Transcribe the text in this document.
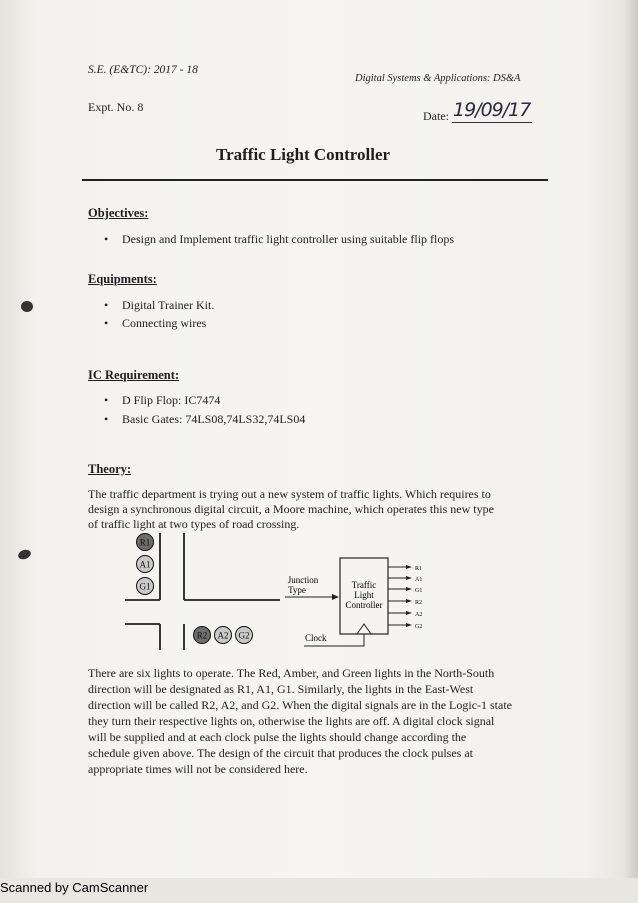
S.E. (E&TC): 2017 - 18
Digital Systems & Applications: DS&A
Expt. No. 8
Date: 19/09/17
Traffic Light Controller
Objectives:
• Design and Implement traffic light controller using suitable flip flops
Equipments:
• Digital Trainer Kit.
• Connecting wires
IC Requirement:
• D Flip Flop: IC7474
• Basic Gates: 74LS08,74LS32,74LS04
Theory:
The traffic department is trying out a new system of traffic lights. Which requires to
design a synchronous digital circuit, a Moore machine, which operates this new type
of traffic light at two types of road crossing.
R1
A1
G1
R2 A2 G2
Junction
Type	Traffic
Light
Controller
Clock
R1
A1
G1
R2
A2
G2
There are six lights to operate. The Red, Amber, and Green lights in the North-South
direction will be designated as R1, A1, G1. Similarly, the lights in the East-West
direction will be called R2, A2, and G2. When the digital signals are in the Logic-1 state
they turn their respective lights on, otherwise the lights are off. A digital clock signal
will be supplied and at each clock pulse the lights should change according the
schedule given above. The design of the circuit that produces the clock pulses at
appropriate times will not be considered here.
Scanned by CamScanner
